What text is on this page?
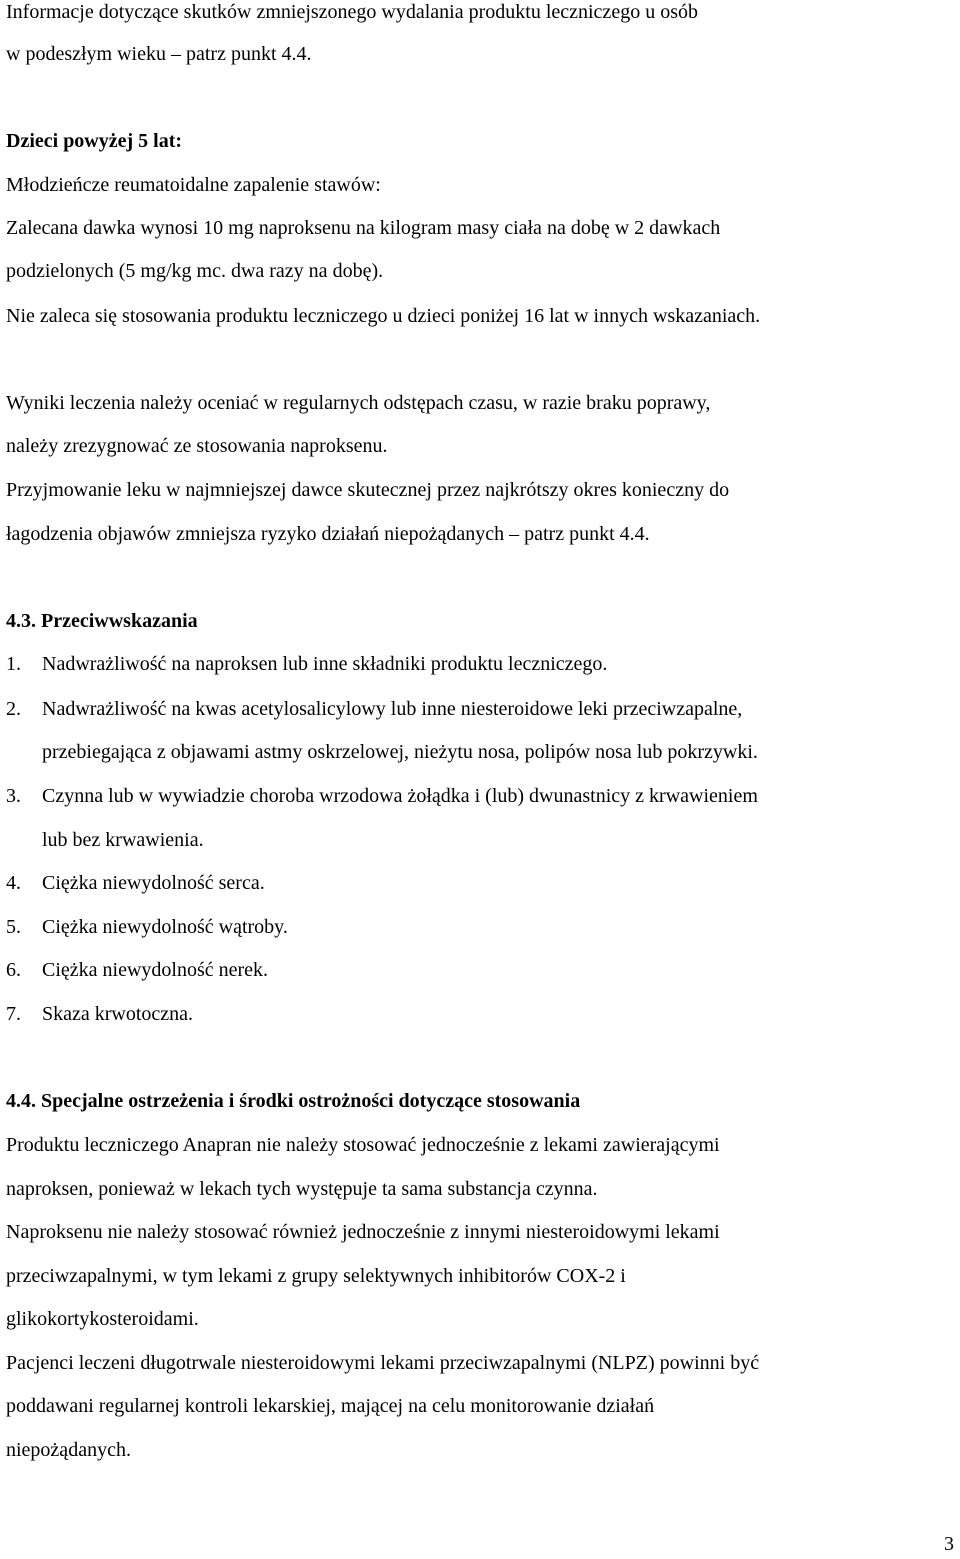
Informacje dotyczące skutków zmniejszonego wydalania produktu leczniczego u osób
w podeszłym wieku – patrz punkt 4.4.
Dzieci powyżej 5 lat:
Młodzieńcze reumatoidalne zapalenie stawów:
Zalecana dawka wynosi 10 mg naproksenu na kilogram masy ciała na dobę w 2 dawkach
podzielonych (5 mg/kg mc. dwa razy na dobę).
Nie zaleca się stosowania produktu leczniczego u dzieci poniżej 16 lat w innych wskazaniach.
Wyniki leczenia należy oceniać w regularnych odstępach czasu, w razie braku poprawy,
należy zrezygnować ze stosowania naproksenu.
Przyjmowanie leku w najmniejszej dawce skutecznej przez najkrótszy okres konieczny do
łagodzenia objawów zmniejsza ryzyko działań niepożądanych – patrz punkt 4.4.
4.3. Przeciwwskazania
1. Nadwrażliwość na naproksen lub inne składniki produktu leczniczego.
2. Nadwrażliwość na kwas acetylosalicylowy lub inne niesteroidowe leki przeciwzapalne,
przebiegająca z objawami astmy oskrzelowej, nieżytu nosa, polipów nosa lub pokrzywki.
3. Czynna lub w wywiadzie choroba wrzodowa żołądka i (lub) dwunastnicy z krwawieniem
lub bez krwawienia.
4. Ciężka niewydolność serca.
5. Ciężka niewydolność wątroby.
6. Ciężka niewydolność nerek.
7. Skaza krwotoczna.
4.4. Specjalne ostrzeżenia i środki ostrożności dotyczące stosowania
Produktu leczniczego Anapran nie należy stosować jednocześnie z lekami zawierającymi
naproksen, ponieważ w lekach tych występuje ta sama substancja czynna.
Naproksenu nie należy stosować również jednocześnie z innymi niesteroidowymi lekami
przeciwzapalnymi, w tym lekami z grupy selektywnych inhibitorów COX-2 i
glikokortykosteroidami.
Pacjenci leczeni długotrwale niesteroidowymi lekami przeciwzapalnymi (NLPZ) powinni być
poddawani regularnej kontroli lekarskiej, mającej na celu monitorowanie działań
niepożądanych.
3
